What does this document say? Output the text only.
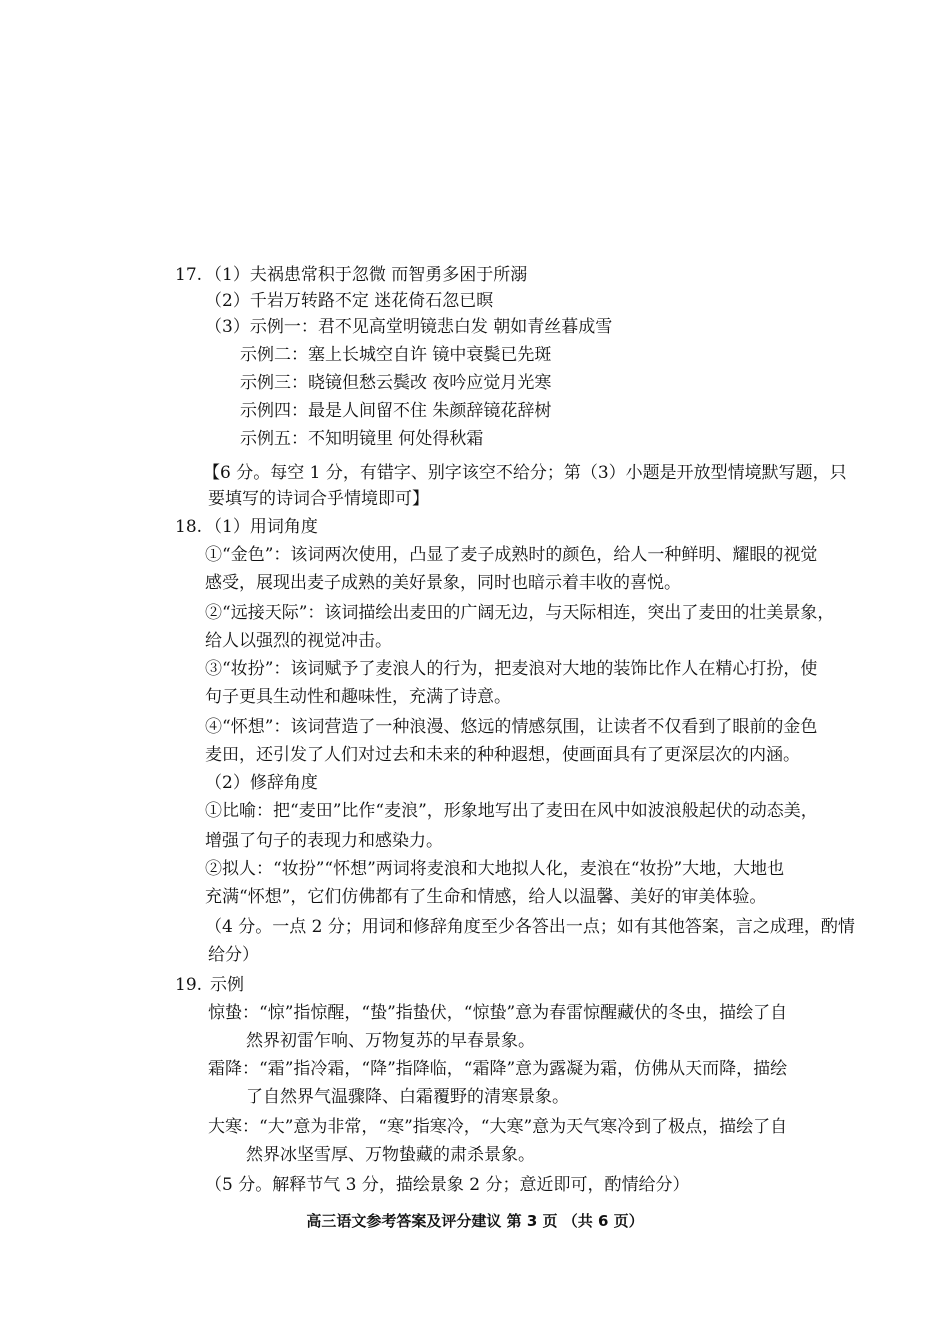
17. （1）夫祸患常积于忽微 而智勇多困于所溺
（2）千岩万转路不定 迷花倚石忽已暝
（3）示例一：君不见高堂明镜悲白发 朝如青丝暮成雪
示例二：塞上长城空自许 镜中衰鬓已先斑
示例三：晓镜但愁云鬓改 夜吟应觉月光寒
示例四：最是人间留不住 朱颜辞镜花辞树
示例五：不知明镜里 何处得秋霜
【6 分。每空 1 分，有错字、别字该空不给分；第（3）小题是开放型情境默写题，只
要填写的诗词合乎情境即可】
18. （1）用词角度
①“金色”：该词两次使用，凸显了麦子成熟时的颜色，给人一种鲜明、耀眼的视觉
感受，展现出麦子成熟的美好景象，同时也暗示着丰收的喜悦。
②“远接天际”：该词描绘出麦田的广阔无边，与天际相连，突出了麦田的壮美景象，
给人以强烈的视觉冲击。
③“妆扮”：该词赋予了麦浪人的行为，把麦浪对大地的装饰比作人在精心打扮，使
句子更具生动性和趣味性，充满了诗意。
④“怀想”：该词营造了一种浪漫、悠远的情感氛围，让读者不仅看到了眼前的金色
麦田，还引发了人们对过去和未来的种种遐想，使画面具有了更深层次的内涵。
（2）修辞角度
①比喻：把“麦田”比作“麦浪”，形象地写出了麦田在风中如波浪般起伏的动态美，
增强了句子的表现力和感染力。
②拟人：“妆扮”“怀想”两词将麦浪和大地拟人化，麦浪在“妆扮”大地，大地也
充满“怀想”，它们仿佛都有了生命和情感，给人以温馨、美好的审美体验。
（4 分。一点 2 分；用词和修辞角度至少各答出一点；如有其他答案，言之成理，酌情
给分）
19. 示例
惊蛰：“惊”指惊醒，“蛰”指蛰伏，“惊蛰”意为春雷惊醒藏伏的冬虫，描绘了自
然界初雷乍响、万物复苏的早春景象。
霜降：“霜”指冷霜，“降”指降临，“霜降”意为露凝为霜，仿佛从天而降，描绘
了自然界气温骤降、白霜覆野的清寒景象。
大寒：“大”意为非常，“寒”指寒冷，“大寒”意为天气寒冷到了极点，描绘了自
然界冰坚雪厚、万物蛰藏的肃杀景象。
（5 分。解释节气 3 分，描绘景象 2 分；意近即可，酌情给分）
高三语文参考答案及评分建议 第 3 页 （共 6 页）
